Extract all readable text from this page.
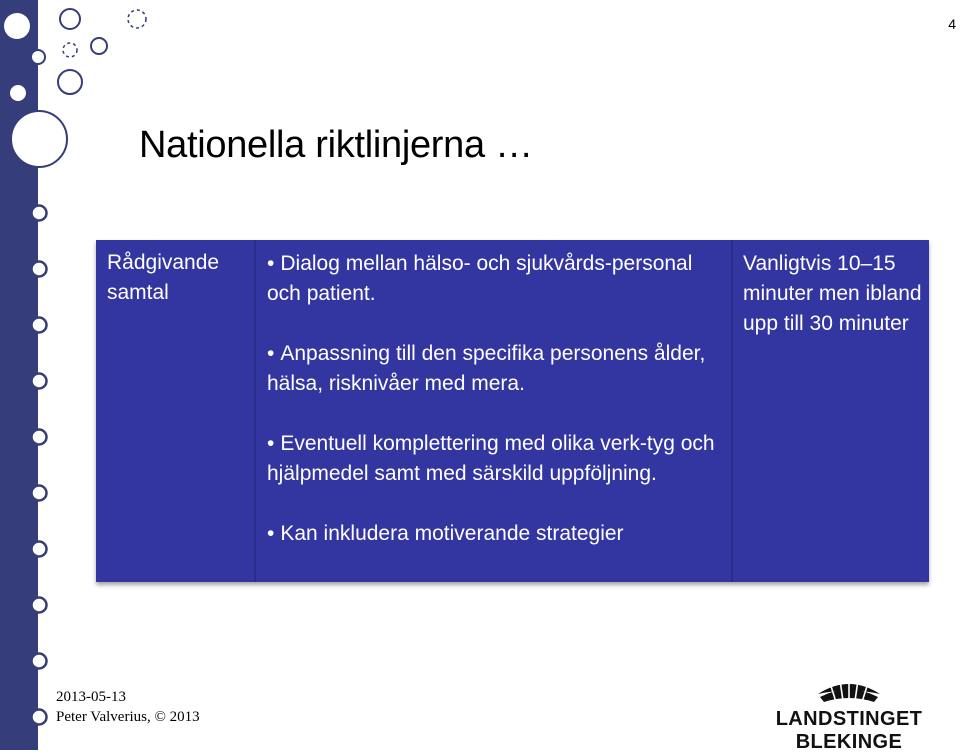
4
Nationella riktlinjerna …
Rådgivande samtal

• Dialog mellan hälso- och sjukvårds-personal och patient.

• Anpassning till den specifika personens ålder, hälsa, risknivåer med mera.

• Eventuell komplettering med olika verk-tyg och hjälpmedel samt med särskild uppföljning.

• Kan inkludera motiverande strategier

Vanligtvis 10–15 minuter men ibland upp till 30 minuter
2013-05-13
Peter Valverius, © 2013	LANDSTINGET BLEKINGE
